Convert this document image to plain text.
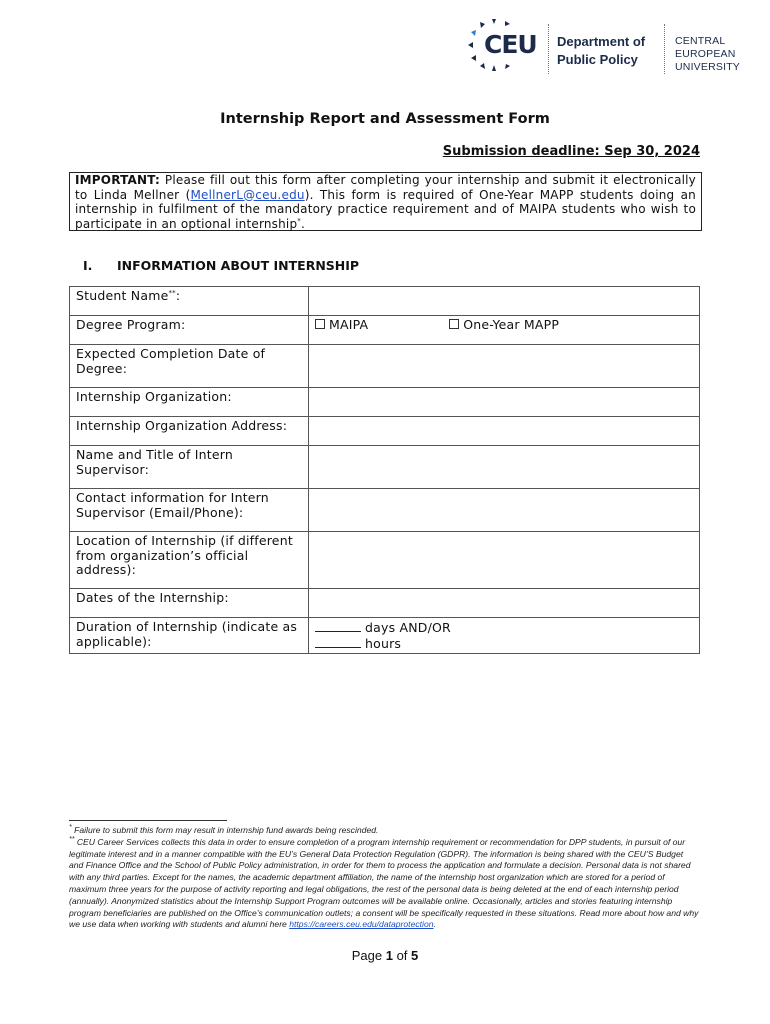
CEU Department of
Public Policy
CENTRAL
EUROPEAN
UNIVERSITY
Internship Report and Assessment Form
Submission deadline: Sep 30, 2024
IMPORTANT: Please fill out this form after completing your internship and submit it electronically to Linda Mellner (MellnerL@ceu.edu). This form is required of One-Year MAPP students doing an internship in fulfilment of the mandatory practice requirement and of MAIPA students who wish to participate in an optional internship*.
I. INFORMATION ABOUT INTERNSHIP
Student Name**:	
Degree Program:	MAIPA One-Year MAPP
Expected Completion Date of Degree:	
Internship Organization:	
Internship Organization Address:	
Name and Title of Intern Supervisor:	
Contact information for Intern Supervisor (Email/Phone):	
Location of Internship (if different from organization’s official address):	
Dates of the Internship:	
Duration of Internship (indicate as applicable):	days AND/OR
hours

* Failure to submit this form may result in internship fund awards being rescinded.

** CEU Career Services collects this data in order to ensure completion of a program internship requirement or recommendation for DPP students, in pursuit of our legitimate interest and in a manner compatible with the EU’s General Data Protection Regulation (GDPR). The information is being shared with the CEU’S Budget and Finance Office and the School of Public Policy administration, in order for them to process the application and formulate a decision. Personal data is not shared with any third parties. Except for the names, the academic department affiliation, the name of the internship host organization which are stored for a period of maximum three years for the purpose of activity reporting and legal obligations, the rest of the personal data is being deleted at the end of each internship period (annually). Anonymized statistics about the Internship Support Program outcomes will be available online. Occasionally, articles and stories featuring internship program beneficiaries are published on the Office’s communication outlets; a consent will be specifically requested in these situations. Read more about how and why we use data when working with students and alumni here https://careers.ceu.edu/dataprotection.

Page 1 of 5
